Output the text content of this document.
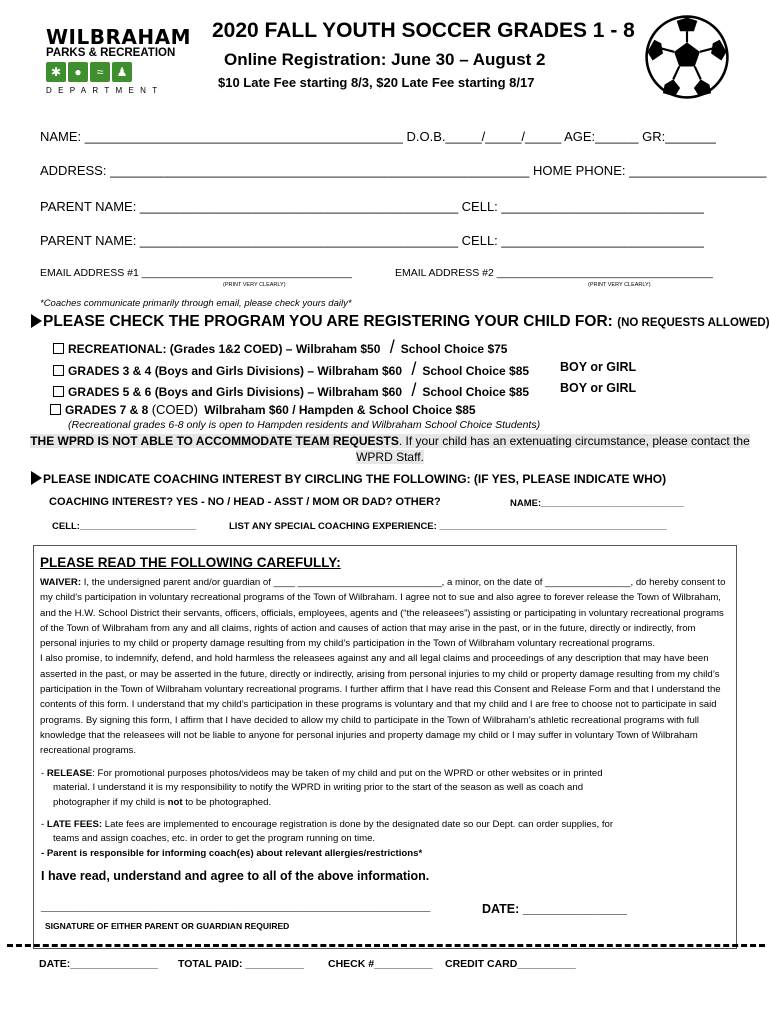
WILBRAHAM
PARKS & RECREATION
✱	●	≈	♟
DEPARTMENT
2020 FALL YOUTH SOCCER GRADES 1 - 8
Online Registration: June 30 – August 2
$10 Late Fee starting 8/3, $20 Late Fee starting 8/17
NAME: ____________________________________________ D.O.B._____/_____/_____ AGE:______ GR:_______
ADDRESS: __________________________________________________________ HOME PHONE: ___________________
PARENT NAME: ____________________________________________ CELL: ____________________________
PARENT NAME: ____________________________________________ CELL: ____________________________
EMAIL ADDRESS #1 ____________________________________	EMAIL ADDRESS #2 _____________________________________
(PRINT VERY CLEARLY)	(PRINT VERY CLEARLY)
*Coaches communicate primarily through email, please check yours daily*
PLEASE CHECK THE PROGRAM YOU ARE REGISTERING YOUR CHILD FOR: (NO REQUESTS ALLOWED)
RECREATIONAL: (Grades 1&2 COED) – Wilbraham $50 / School Choice $75
GRADES 3 & 4 (Boys and Girls Divisions) – Wilbraham $60 / School Choice $85 BOY or GIRL
GRADES 5 & 6 (Boys and Girls Divisions) – Wilbraham $60 / School Choice $85 BOY or GIRL
GRADES 7 & 8 (COED) Wilbraham $60 / Hampden & School Choice $85
(Recreational grades 6-8 only is open to Hampden residents and Wilbraham School Choice Students)
THE WPRD IS NOT ABLE TO ACCOMMODATE TEAM REQUESTS. If your child has an extenuating circumstance, please contact the WPRD Staff.
PLEASE INDICATE COACHING INTEREST BY CIRCLING THE FOLLOWING: (IF YES, PLEASE INDICATE WHO)
COACHING INTEREST? YES - NO / HEAD - ASST / MOM OR DAD? OTHER?	NAME:___________________________
CELL:______________________	LIST ANY SPECIAL COACHING EXPERIENCE: ___________________________________________
PLEASE READ THE FOLLOWING CAREFULLY:

WAIVER: I, the undersigned parent and/or guardian of ____ ___________________________, a minor, on the date of ________________, do hereby consent to my child’s participation in voluntary recreational programs of the Town of Wilbraham. I agree not to sue and also agree to forever release the Town of Wilbraham, and the H.W. School District their servants, officers, officials, employees, agents and (“the releasees”) assisting or participating in voluntary recreational programs of the Town of Wilbraham from any and all claims, rights of action and causes of action that may arise in the past, or in the future, directly or indirectly, from personal injuries to my child or property damage resulting from my child’s participation in the Town of Wilbraham voluntary recreational programs.

I also promise, to indemnify, defend, and hold harmless the releasees against any and all legal claims and proceedings of any description that may have been asserted in the past, or may be asserted in the future, directly or indirectly, arising from personal injuries to my child or property damage resulting from my child’s participation in the Town of Wilbraham voluntary recreational programs. I further affirm that I have read this Consent and Release Form and that I understand the contents of this form. I understand that my child’s participation in these programs is voluntary and that my child and I are free to choose not to participate in said programs. By signing this form, I affirm that I have decided to allow my child to participate in the Town of Wilbraham’s athletic recreational programs with full knowledge that the releasees will not be liable to anyone for personal injuries and property damage my child or I may suffer in voluntary Town of Wilbraham recreational programs.

- RELEASE: For promotional purposes photos/videos may be taken of my child and put on the WPRD or other websites or in printed
material. I understand it is my responsibility to notify the WPRD in writing prior to the start of the season as well as coach and
photographer if my child is not to be photographed.
- LATE FEES: Late fees are implemented to encourage registration is done by the designated date so our Dept. can order supplies, for
teams and assign coaches, etc. in order to get the program running on time.
- Parent is responsible for informing coach(es) about relevant allergies/restrictions*
I have read, understand and agree to all of the above information.
________________________________________________________	DATE: _______________
SIGNATURE OF EITHER PARENT OR GUARDIAN REQUIRED
DATE:_______________ TOTAL PAID: __________ CHECK #__________ CREDIT CARD__________
